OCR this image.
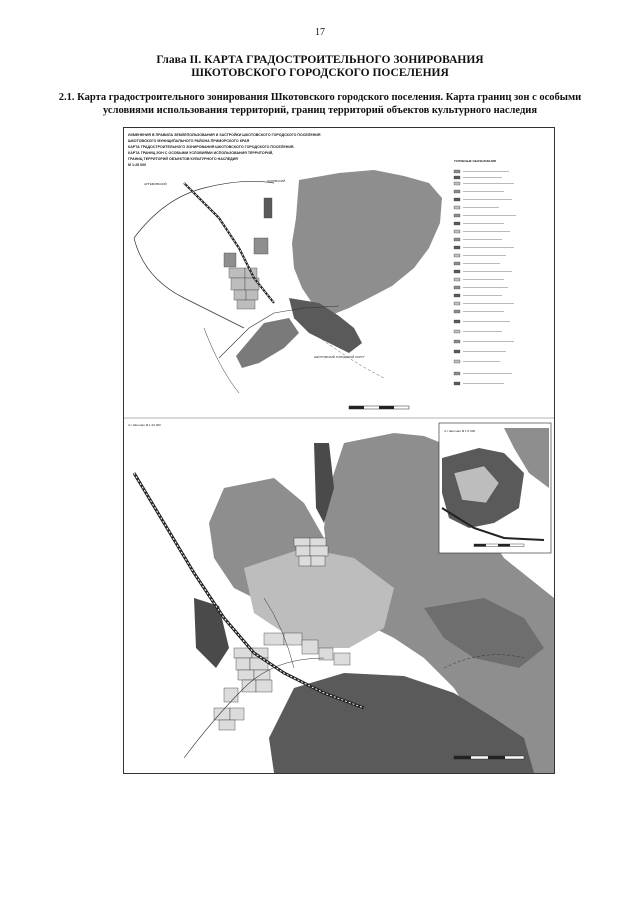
17
Глава II. КАРТА ГРАДОСТРОИТЕЛЬНОГО ЗОНИРОВАНИЯ
ШКОТОВСКОГО ГОРОДСКОГО ПОСЕЛЕНИЯ
2.1. Карта градостроительного зонирования Шкотовского городского поселения. Карта границ зон с особыми
условиями использования территорий, границ территорий объектов культурного наследия
ИЗМЕНЕНИЯ В ПРАВИЛА ЗЕМЛЕПОЛЬЗОВАНИЯ И ЗАСТРОЙКИ ШКОТОВСКОГО ГОРОДСКОГО ПОСЕЛЕНИЯ
ШКОТОВСКОГО МУНИЦИПАЛЬНОГО РАЙОНА ПРИМОРСКОГО КРАЯ
КАРТА ГРАДОСТРОИТЕЛЬНОГО ЗОНИРОВАНИЯ ШКОТОВСКОГО ГОРОДСКОГО ПОСЕЛЕНИЯ.
КАРТА ГРАНИЦ ЗОН С ОСОБЫМИ УСЛОВИЯМИ ИСПОЛЬЗОВАНИЯ ТЕРРИТОРИЙ,
ГРАНИЦ ТЕРРИТОРИЙ ОБЪЕКТОВ КУЛЬТУРНОГО НАСЛЕДИЯ
М 1:25 000
АРТЁМОВСКИЙ
ЛАЗОВСКИЙ
ШКОТОВСКИЙ ГОРОДСКОЙ ОКРУГ
УСЛОВНЫЕ ОБОЗНАЧЕНИЯ
пгт Шкотово М 1:10 000
пгт Шкотово М 1:5 000
